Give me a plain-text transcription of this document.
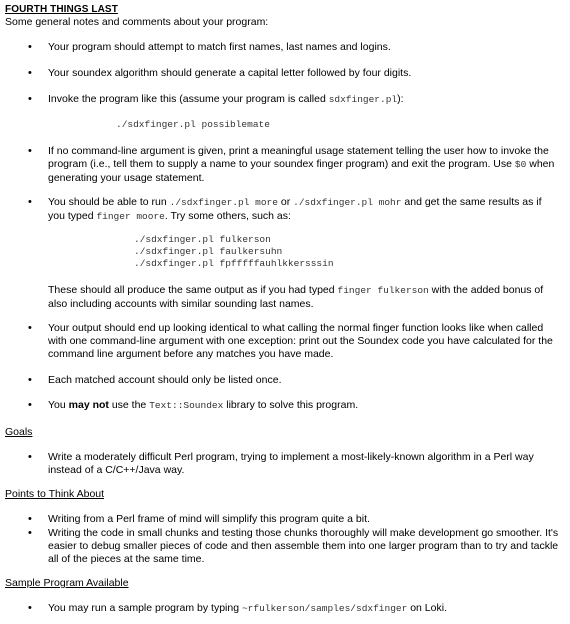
FOURTH THINGS LAST
Some general notes and comments about your program:
• Your program should attempt to match first names, last names and logins.
• Your soundex algorithm should generate a capital letter followed by four digits.
• Invoke the program like this (assume your program is called sdxfinger.pl):
./sdxfinger.pl possiblemate
• If no command-line argument is given, print a meaningful usage statement telling the user how to invoke the program (i.e., tell them to supply a name to your soundex finger program) and exit the program. Use $0 when generating your usage statement.
• You should be able to run ./sdxfinger.pl more or ./sdxfinger.pl mohr and get the same results as if you typed finger moore. Try some others, such as:
./sdxfinger.pl fulkerson
./sdxfinger.pl faulkersuhn
./sdxfinger.pl fpfffffauhlkkersssin
These should all produce the same output as if you had typed finger fulkerson with the added bonus of also including accounts with similar sounding last names.
• Your output should end up looking identical to what calling the normal finger function looks like when called with one command-line argument with one exception: print out the Soundex code you have calculated for the command line argument before any matches you have made.
• Each matched account should only be listed once.
• You may not use the Text::Soundex library to solve this program.
Goals
• Write a moderately difficult Perl program, trying to implement a most-likely-known algorithm in a Perl way instead of a C/C++/Java way.
Points to Think About
• Writing from a Perl frame of mind will simplify this program quite a bit.
• Writing the code in small chunks and testing those chunks thoroughly will make development go smoother. It's easier to debug smaller pieces of code and then assemble them into one larger program than to try and tackle all of the pieces at the same time.
Sample Program Available
• You may run a sample program by typing ~rfulkerson/samples/sdxfinger on Loki.
